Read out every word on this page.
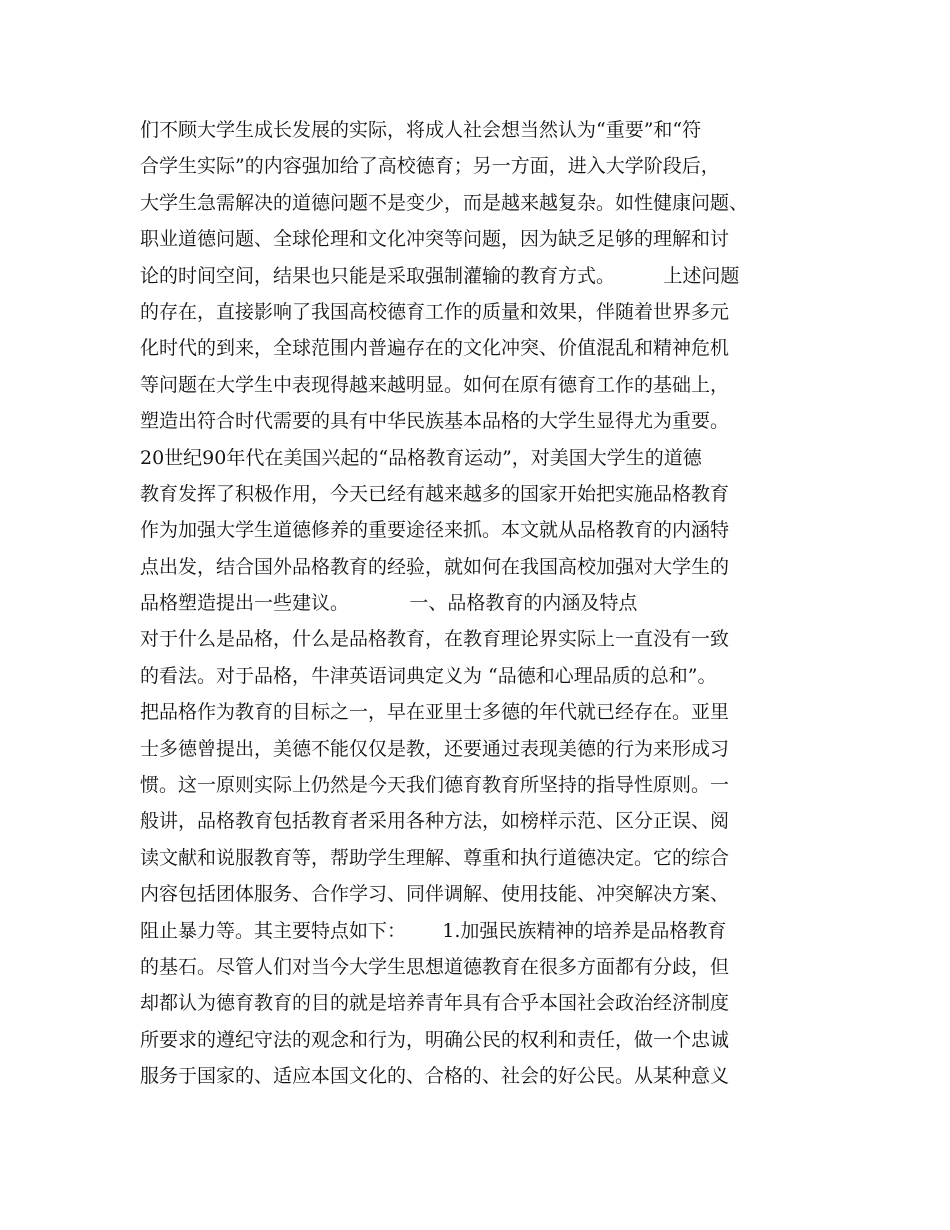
们不顾大学生成长发展的实际，将成人社会想当然认为“重要”和“符
合学生实际”的内容强加给了高校德育；另一方面，进入大学阶段后，
大学生急需解决的道德问题不是变少，而是越来越复杂。如性健康问题、
职业道德问题、全球伦理和文化冲突等问题，因为缺乏足够的理解和讨
论的时间空间，结果也只能是采取强制灌输的教育方式。        上述问题
的存在，直接影响了我国高校德育工作的质量和效果，伴随着世界多元
化时代的到来，全球范围内普遍存在的文化冲突、价值混乱和精神危机
等问题在大学生中表现得越来越明显。如何在原有德育工作的基础上，
塑造出符合时代需要的具有中华民族基本品格的大学生显得尤为重要。
20世纪90年代在美国兴起的“品格教育运动”，对美国大学生的道德
教育发挥了积极作用，今天已经有越来越多的国家开始把实施品格教育
作为加强大学生道德修养的重要途径来抓。本文就从品格教育的内涵特
点出发，结合国外品格教育的经验，就如何在我国高校加强对大学生的
品格塑造提出一些建议。          一、品格教育的内涵及特点
对于什么是品格，什么是品格教育，在教育理论界实际上一直没有一致
的看法。对于品格，牛津英语词典定义为 “品德和心理品质的总和”。
把品格作为教育的目标之一，早在亚里士多德的年代就已经存在。亚里
士多德曾提出，美德不能仅仅是教，还要通过表现美德的行为来形成习
惯。这一原则实际上仍然是今天我们德育教育所坚持的指导性原则。一
般讲，品格教育包括教育者采用各种方法，如榜样示范、区分正误、阅
读文献和说服教育等，帮助学生理解、尊重和执行道德决定。它的综合
内容包括团体服务、合作学习、同伴调解、使用技能、冲突解决方案、
阻止暴力等。其主要特点如下：      1.加强民族精神的培养是品格教育
的基石。尽管人们对当今大学生思想道德教育在很多方面都有分歧，但
却都认为德育教育的目的就是培养青年具有合乎本国社会政治经济制度
所要求的遵纪守法的观念和行为，明确公民的权利和责任，做一个忠诚
服务于国家的、适应本国文化的、合格的、社会的好公民。从某种意义
